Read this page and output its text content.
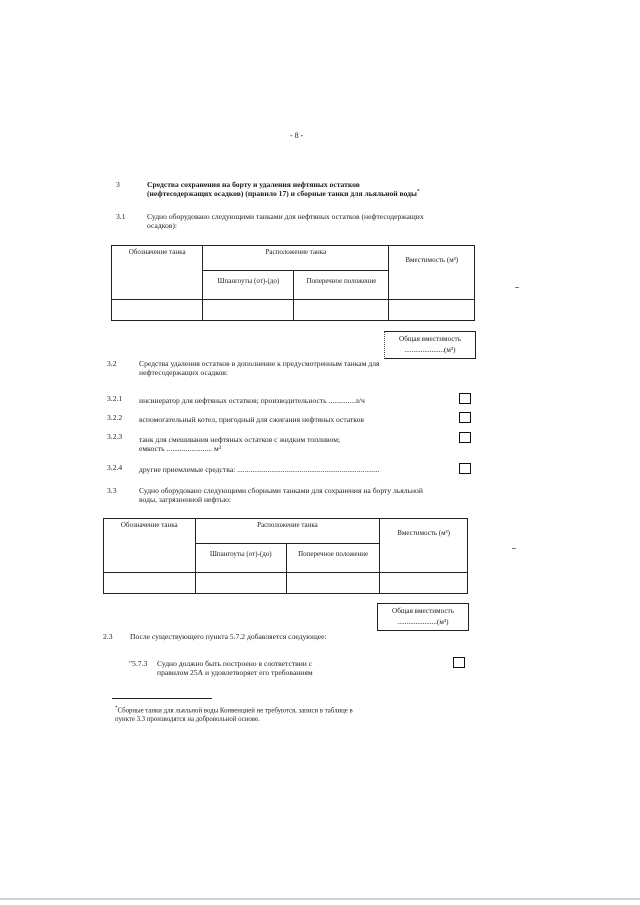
- 8 -
3	Средства сохранения на борту и удаления нефтяных остатков
(нефтесодержащих осадков) (правило 17) и сборные танки для льяльной воды*
3.1	Судно оборудовано следующими танками для нефтяных остатков (нефтесодержащих
осадков):
Обозначение танка	Расположение танка		Вместимость (м³)
	Шпангоуты (от)-(до)	Поперечное положение	

Общая вместимость
......................(м³)
3.2	Средства удаления остатков в дополнение к предусмотренным танкам для
нефтесодержащих осадков:
3.2.1 инсинератор для нефтяных остатков; производительность ..............л/ч
3.2.2 вспомогательный котел, пригодный для сжигания нефтяных остатков
3.2.3 танк для смешивания нефтяных остатков с жидким топливом;
емкость ........................ м³
3.2.4 другие приемлемые средства: ...........................................................................
3.3	Судно оборудовано следующими сборными танками для сохранения на борту льяльной
воды, загрязненной нефтью:
Обозначение танка	Расположение танка		Вместимость (м³)
	Шпангоуты (от)-(до)	Поперечное положение	

Общая вместимость
......................(м³)
2.3 После существующего пункта 5.7.2 добавляется следующее:
"5.7.3 Судно должно быть построено в соответствии с
правилом 25А и удовлетворяет его требованиям
*Сборные танки для льяльной воды Конвенцией не требуются, записи в таблице в
пункте 3.3 производятся на добровольной основе.
